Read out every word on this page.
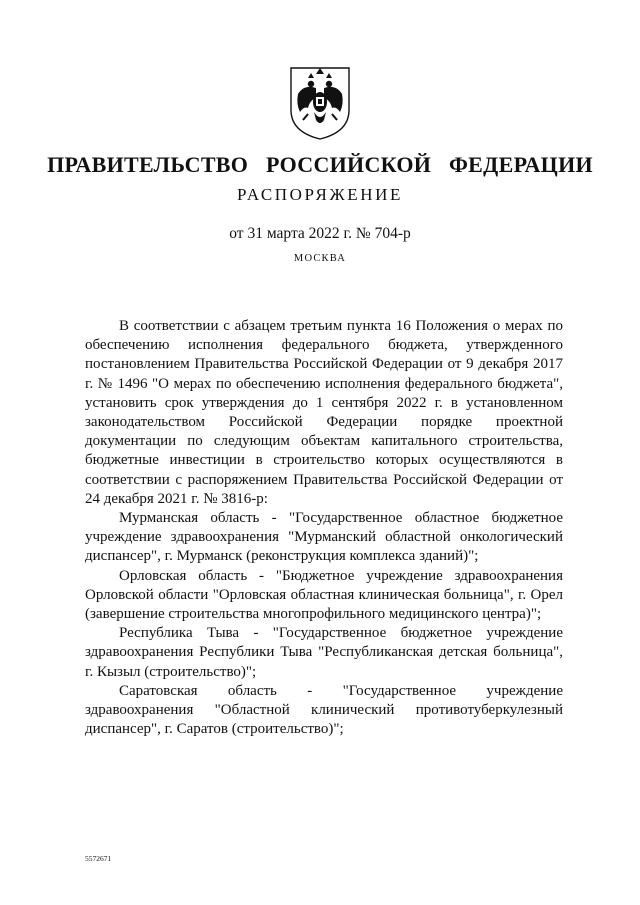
ПРАВИТЕЛЬСТВО РОССИЙСКОЙ ФЕДЕРАЦИИ
РАСПОРЯЖЕНИЕ
от 31 марта 2022 г. № 704-р
МОСКВА

В соответствии с абзацем третьим пункта 16 Положения о мерах по обеспечению исполнения федерального бюджета, утвержденного постановлением Правительства Российской Федерации от 9 декабря 2017 г. № 1496 "О мерах по обеспечению исполнения федерального бюджета", установить срок утверждения до 1 сентября 2022 г. в установленном законодательством Российской Федерации порядке проектной документации по следующим объектам капитального строительства, бюджетные инвестиции в строительство которых осуществляются в соответствии с распоряжением Правительства Российской Федерации от 24 декабря 2021 г. № 3816-р:

Мурманская область - "Государственное областное бюджетное учреждение здравоохранения "Мурманский областной онкологический диспансер", г. Мурманск (реконструкция комплекса зданий)";

Орловская область - "Бюджетное учреждение здравоохранения Орловской области "Орловская областная клиническая больница", г. Орел (завершение строительства многопрофильного медицинского центра)";

Республика Тыва - "Государственное бюджетное учреждение здравоохранения Республики Тыва "Республиканская детская больница", г. Кызыл (строительство)";

Саратовская область - "Государственное учреждение здравоохранения "Областной клинический противотуберкулезный диспансер", г. Саратов (строительство)";

5572671
